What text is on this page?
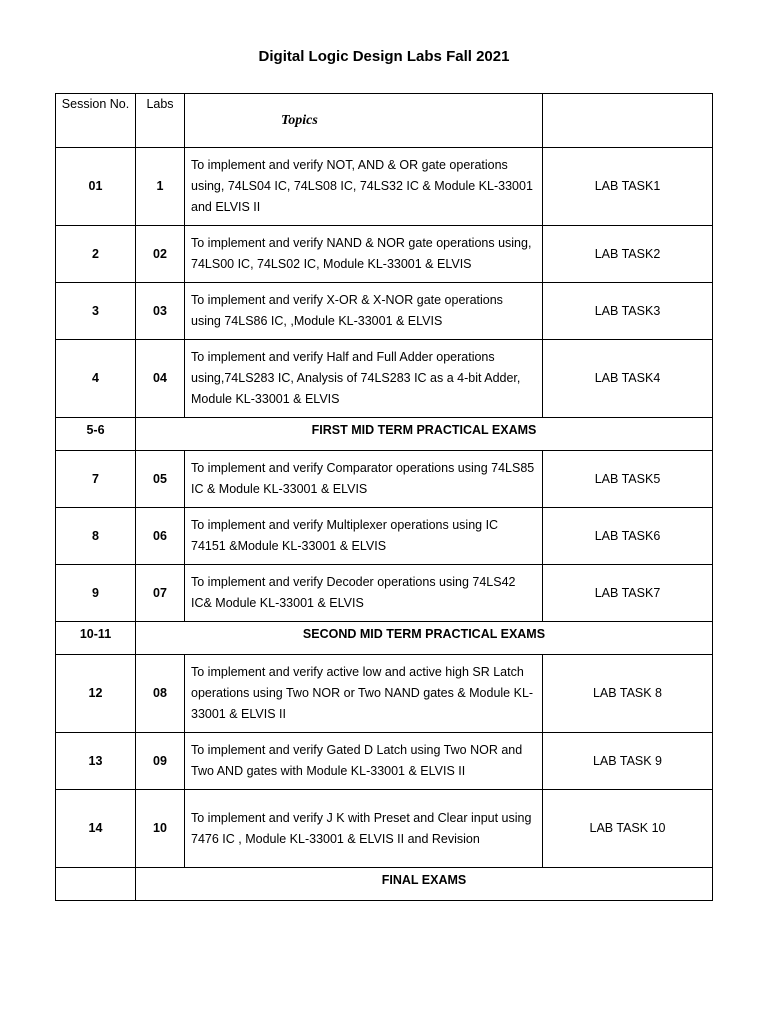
Digital Logic Design Labs Fall 2021
Session No.	Labs	Topics	
01	1	To implement and verify NOT, AND & OR gate operations using, 74LS04 IC, 74LS08 IC, 74LS32 IC & Module KL-33001 and ELVIS II	LAB TASK1
2	02	To implement and verify NAND & NOR gate operations using, 74LS00 IC, 74LS02 IC, Module KL-33001 & ELVIS	LAB TASK2
3	03	To implement and verify X-OR & X-NOR gate operations using 74LS86 IC, ,Module KL-33001 & ELVIS	LAB TASK3
4	04	To implement and verify Half and Full Adder operations using,74LS283 IC, Analysis of 74LS283 IC as a 4-bit Adder, Module KL-33001 & ELVIS	LAB TASK4
5-6	FIRST MID TERM PRACTICAL EXAMS		
7	05	To implement and verify Comparator operations using 74LS85 IC & Module KL-33001 & ELVIS	LAB TASK5
8	06	To implement and verify Multiplexer operations using IC 74151 &Module KL-33001 & ELVIS	LAB TASK6
9	07	To implement and verify Decoder operations using 74LS42 IC& Module KL-33001 & ELVIS	LAB TASK7
10-11	SECOND MID TERM PRACTICAL EXAMS		
12	08	To implement and verify active low and active high SR Latch operations using Two NOR or Two NAND gates & Module KL-33001 & ELVIS II	LAB TASK 8
13	09	To implement and verify Gated D Latch using Two NOR and Two AND gates with Module KL-33001 & ELVIS II	LAB TASK 9
14	10	To implement and verify J K with Preset and Clear input using 7476 IC , Module KL-33001 & ELVIS II and Revision	LAB TASK 10
	FINAL EXAMS		
